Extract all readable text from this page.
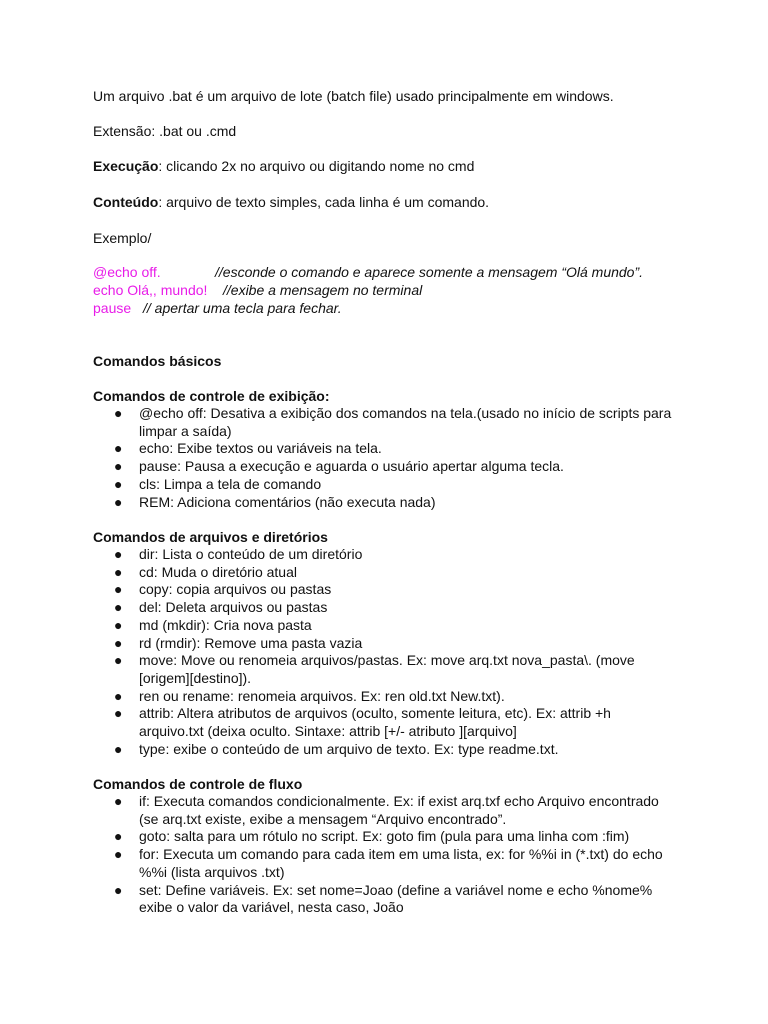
Um arquivo .bat é um arquivo de lote (batch file) usado principalmente em windows.
Extensão: .bat ou .cmd
Execução: clicando 2x no arquivo ou digitando nome no cmd
Conteúdo: arquivo de texto simples, cada linha é um comando.
Exemplo/
@echo off.	//esconde o comando e aparece somente a mensagem “Olá mundo”.
echo Olá,, mundo! //exibe a mensagem no terminal
pause // apertar uma tecla para fechar.
Comandos básicos
Comandos de controle de exibição:
● @echo off: Desativa a exibição dos comandos na tela.(usado no início de scripts para limpar a saída)
● echo: Exibe textos ou variáveis na tela.
● pause: Pausa a execução e aguarda o usuário apertar alguma tecla.
● cls: Limpa a tela de comando
● REM: Adiciona comentários (não executa nada)
Comandos de arquivos e diretórios
● dir: Lista o conteúdo de um diretório
● cd: Muda o diretório atual
● copy: copia arquivos ou pastas
● del: Deleta arquivos ou pastas
● md (mkdir): Cria nova pasta
● rd (rmdir): Remove uma pasta vazia
● move: Move ou renomeia arquivos/pastas. Ex: move arq.txt nova_pasta\. (move [origem][destino]).
● ren ou rename: renomeia arquivos. Ex: ren old.txt New.txt).
● attrib: Altera atributos de arquivos (oculto, somente leitura, etc). Ex: attrib +h arquivo.txt (deixa oculto. Sintaxe: attrib [+/- atributo ][arquivo]
● type: exibe o conteúdo de um arquivo de texto. Ex: type readme.txt.
Comandos de controle de fluxo
● if: Executa comandos condicionalmente. Ex: if exist arq.txf echo Arquivo encontrado (se arq.txt existe, exibe a mensagem “Arquivo encontrado”.
● goto: salta para um rótulo no script. Ex: goto fim (pula para uma linha com :fim)
● for: Executa um comando para cada item em uma lista, ex: for %%i in (*.txt) do echo %%i (lista arquivos .txt)
● set: Define variáveis. Ex: set nome=Joao (define a variável nome e echo %nome% exibe o valor da variável, nesta caso, João
